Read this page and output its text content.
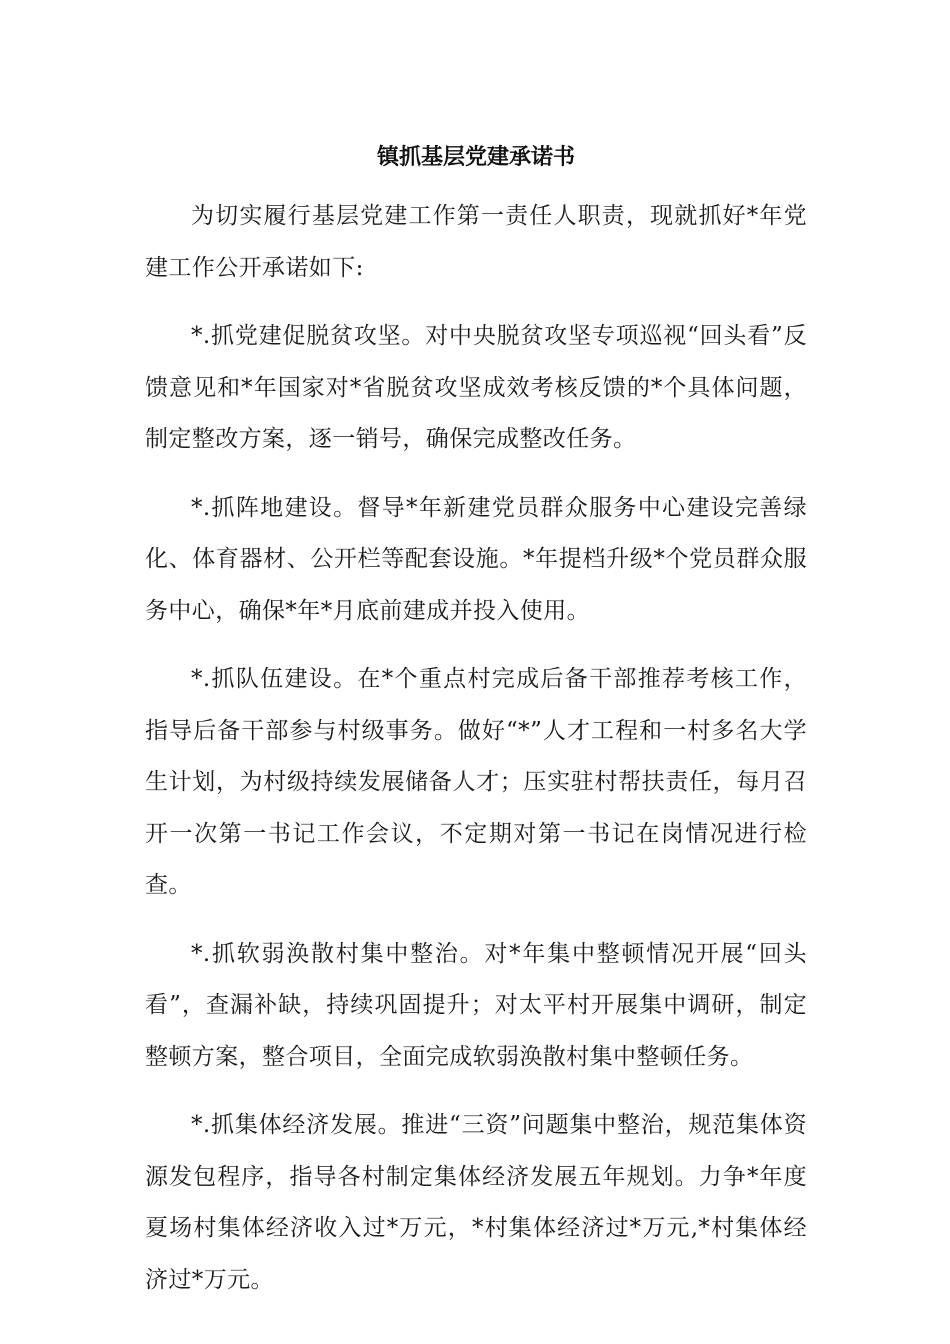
镇抓基层党建承诺书

为切实履行基层党建工作第一责任人职责，现就抓好*年党建工作公开承诺如下:

*.抓党建促脱贫攻坚。对中央脱贫攻坚专项巡视“回头看”反馈意见和*年国家对*省脱贫攻坚成效考核反馈的*个具体问题，制定整改方案，逐一销号，确保完成整改任务。

*.抓阵地建设。督导*年新建党员群众服务中心建设完善绿化、体育器材、公开栏等配套设施。*年提档升级*个党员群众服务中心，确保*年*月底前建成并投入使用。

*.抓队伍建设。在*个重点村完成后备干部推荐考核工作，指导后备干部参与村级事务。做好“*”人才工程和一村多名大学生计划，为村级持续发展储备人才；压实驻村帮扶责任，每月召开一次第一书记工作会议，不定期对第一书记在岗情况进行检查。

*.抓软弱涣散村集中整治。对*年集中整顿情况开展“回头看”，查漏补缺，持续巩固提升；对太平村开展集中调研，制定整顿方案，整合项目，全面完成软弱涣散村集中整顿任务。

*.抓集体经济发展。推进“三资”问题集中整治，规范集体资源发包程序，指导各村制定集体经济发展五年规划。力争*年度夏场村集体经济收入过*万元，*村集体经济过*万元,*村集体经济过*万元。
